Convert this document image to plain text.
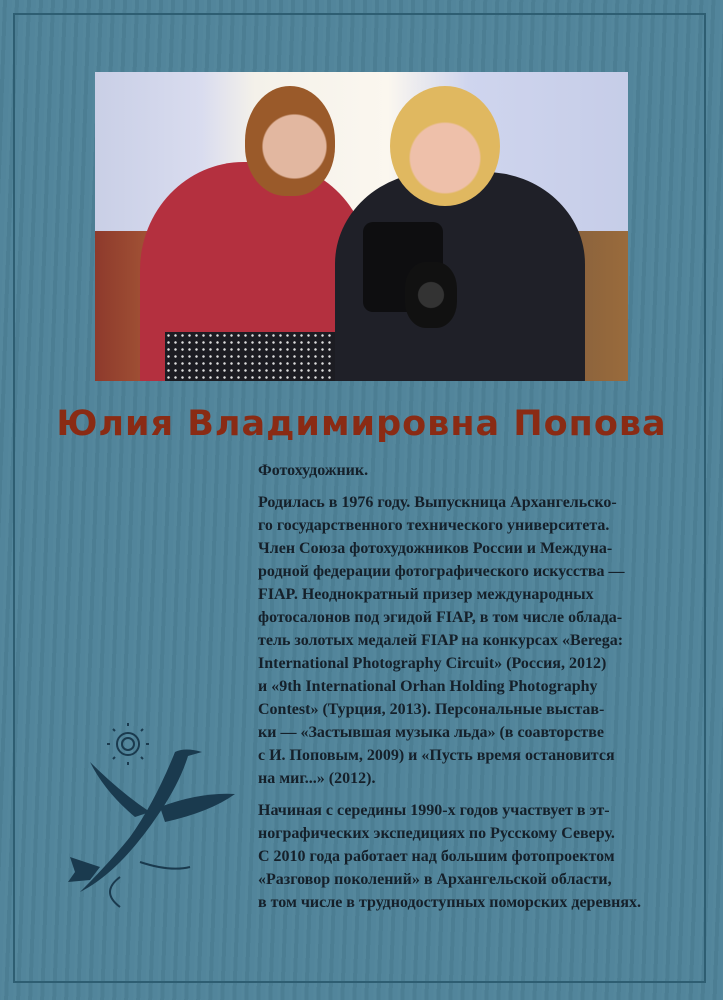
Юлия Владимировна Попова
Фотохудожник.
Родилась в 1976 году. Выпускница Архангельско-
го государственного технического университета.
Член Союза фотохудожников России и Междуна-
родной федерации фотографического искусства —
FIAP. Неоднократный призер международных
фотосалонов под эгидой FIAP, в том числе облада-
тель золотых медалей FIAP на конкурсах «Berega:
International Photography Circuit» (Россия, 2012)
и «9th International Orhan Holding Photography
Contest» (Турция, 2013). Персональные выстав-
ки — «Застывшая музыка льда» (в соавторстве
с И. Поповым, 2009) и «Пусть время остановится
на миг...» (2012).
Начиная с середины 1990-х годов участвует в эт-
нографических экспедициях по Русскому Северу.
С 2010 года работает над большим фотопроектом
«Разговор поколений» в Архангельской области,
в том числе в труднодоступных поморских деревнях.
